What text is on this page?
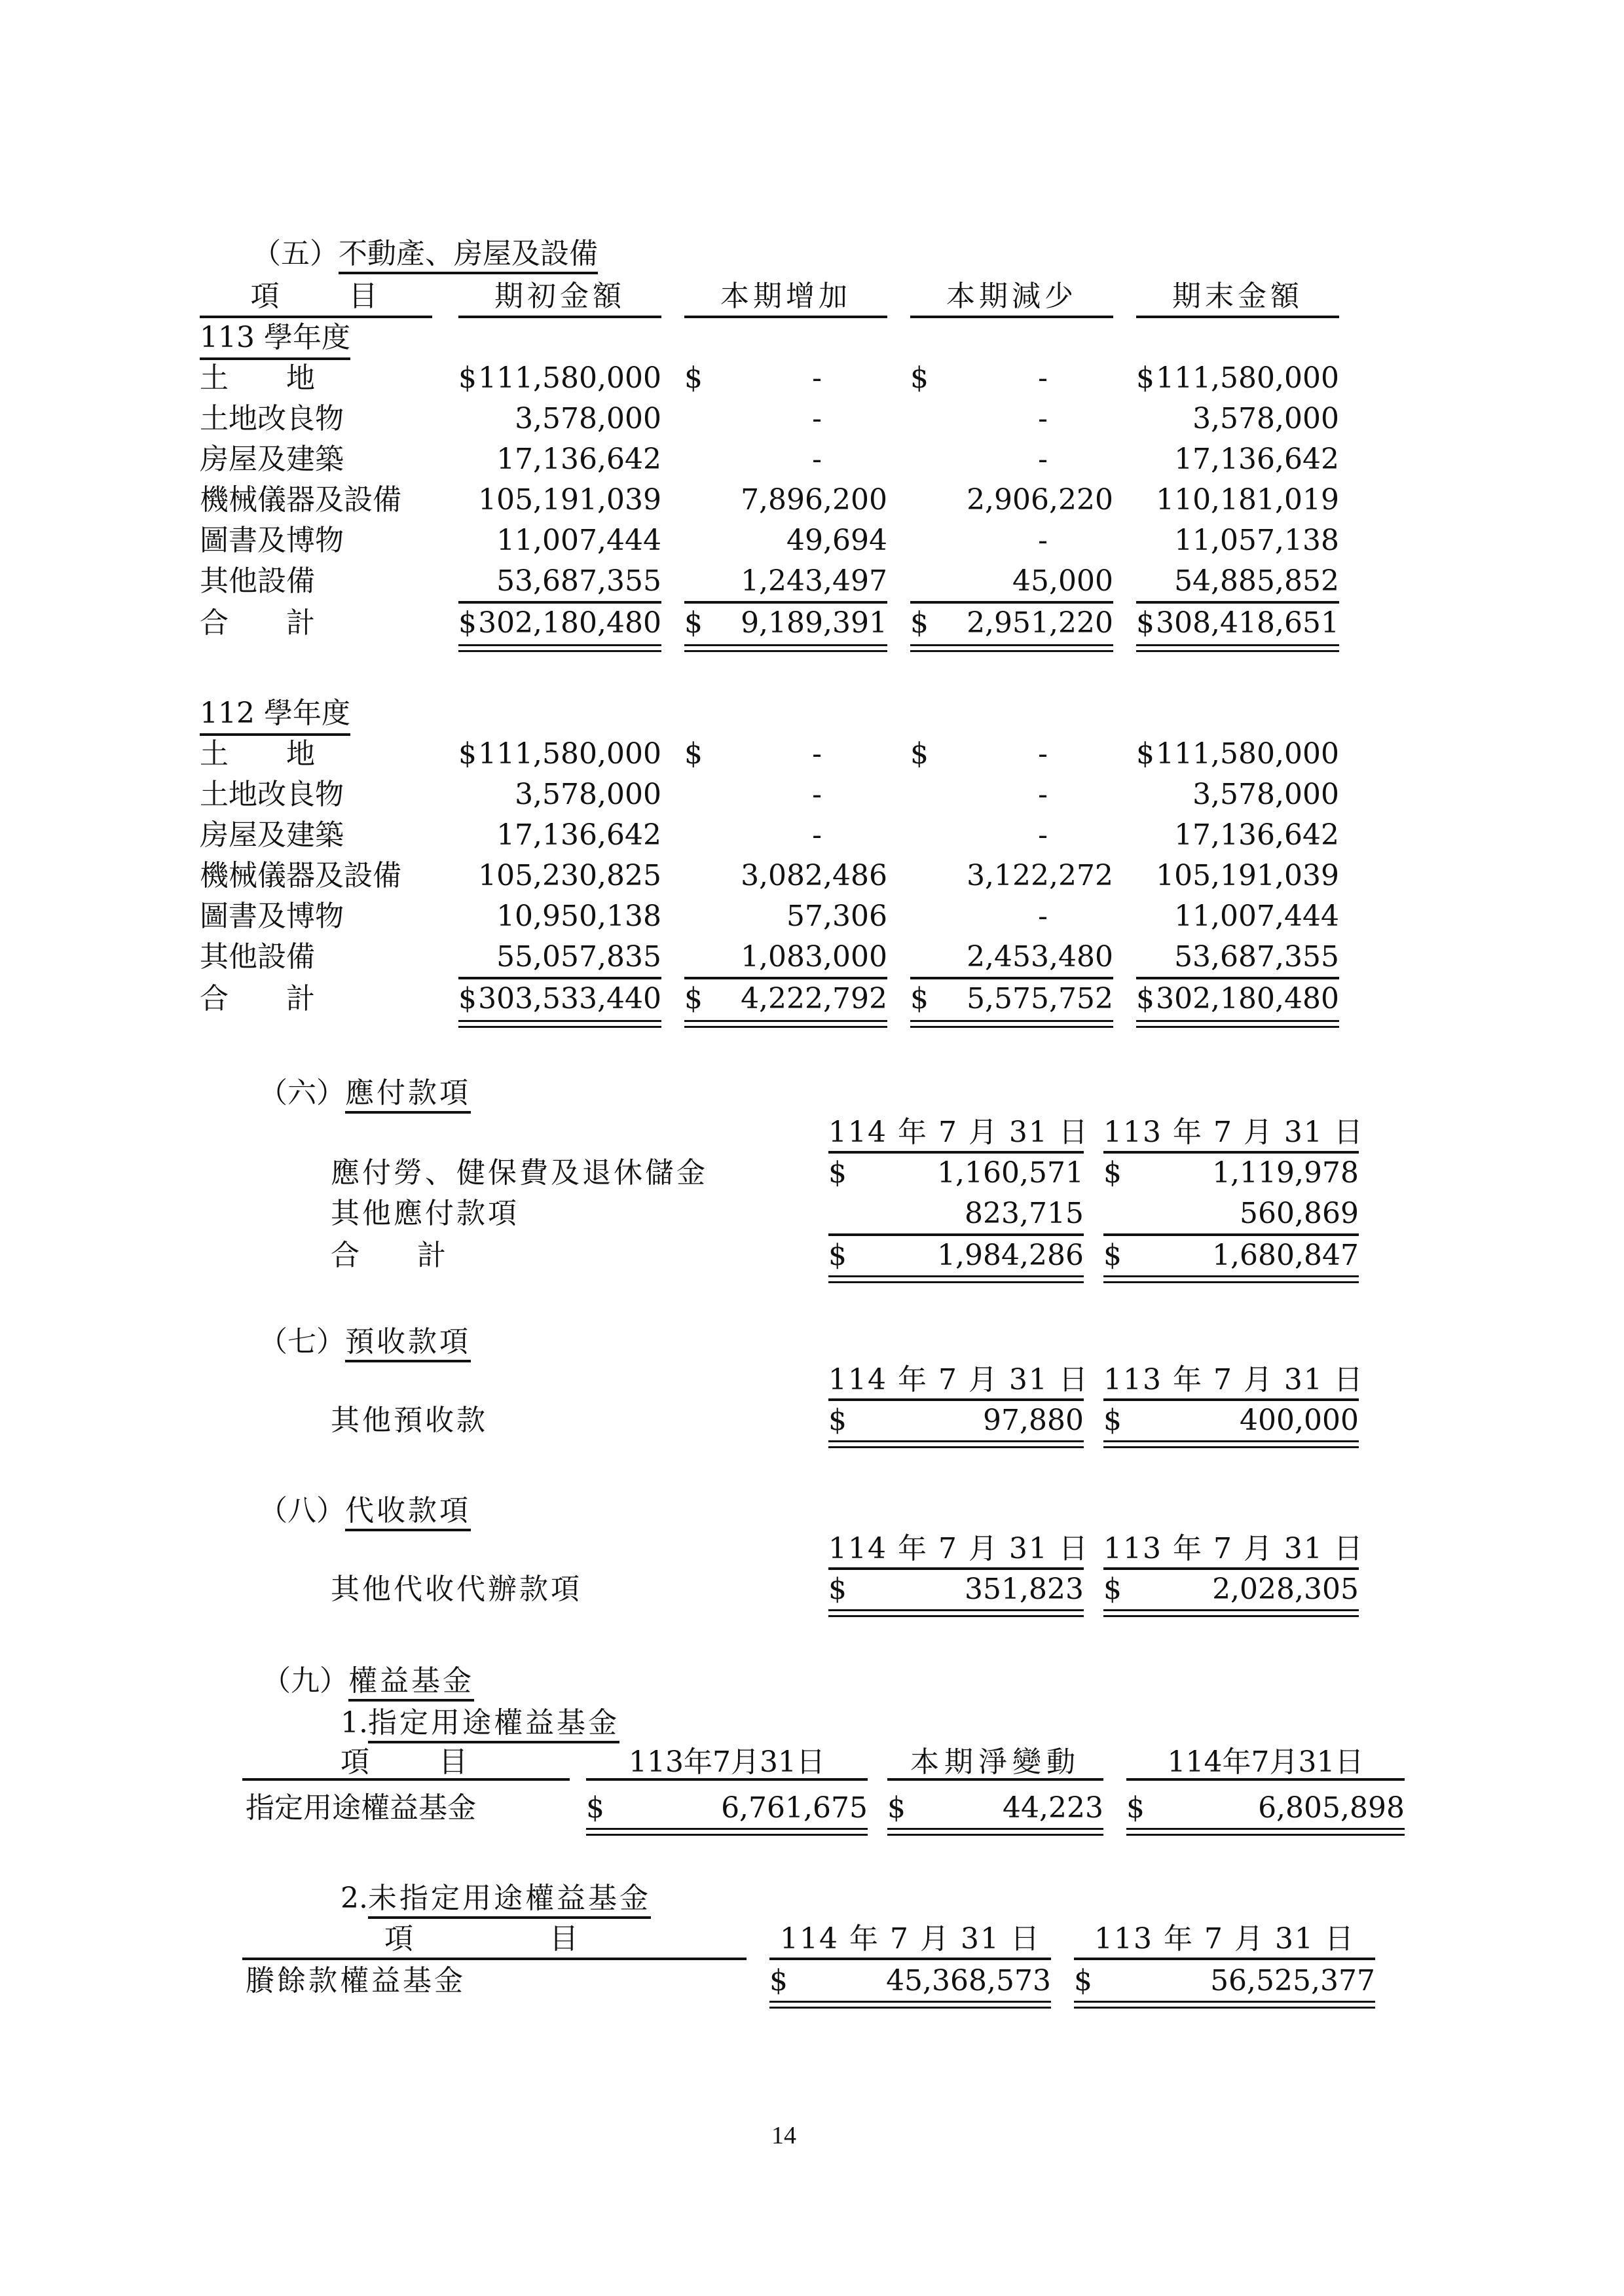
（五）不動產、房屋及設備
項　　目	期初金額	本期增加	本期減少	期末金額
113 學年度
土　　地	$ 111,580,000 $	-	$	-	$ 111,580,000
土地改良物	3,578,000	-	-	3,578,000
房屋及建築	17,136,642	-	-	17,136,642
機械儀器及設備	105,191,039	7,896,200	2,906,220 110,181,019
圖書及博物	11,007,444	49,694	-	11,057,138
其他設備	53,687,355	1,243,497	45,000 54,885,852
合　　計	$ 302,180,480 $ 9,189,391 $ 2,951,220 $ 308,418,651
112 學年度
土　　地	$ 111,580,000 $	-	$	-	$ 111,580,000
土地改良物	3,578,000	-	-	3,578,000
房屋及建築	17,136,642	-	-	17,136,642
機械儀器及設備	105,230,825	3,082,486	3,122,272 105,191,039
圖書及博物	10,950,138	57,306	-	11,007,444
其他設備	55,057,835	1,083,000	2,453,480 53,687,355
合　　計	$ 303,533,440 $ 4,222,792 $ 5,575,752 $ 302,180,480
（六）應付款項
114 年 7 月 31 日 113 年 7 月 31 日
應付勞、健保費及退休儲金	$	1,160,571 $	1,119,978
其他應付款項	823,715	560,869
合　　計	$	1,984,286 $	1,680,847
（七）預收款項
114 年 7 月 31 日 113 年 7 月 31 日
其他預收款	$	97,880 $	400,000
（八）代收款項
114 年 7 月 31 日 113 年 7 月 31 日
其他代收代辦款項	$	351,823 $	2,028,305
（九）權益基金
1.指定用途權益基金
項　　目	113年7月31日	本期淨變動	114年7月31日
指定用途權益基金	$	6,761,675 $	44,223 $	6,805,898
2.未指定用途權益基金
項　　目	114 年 7 月 31 日	113 年 7 月 31 日
賸餘款權益基金	$	45,368,573 $	56,525,377
14
